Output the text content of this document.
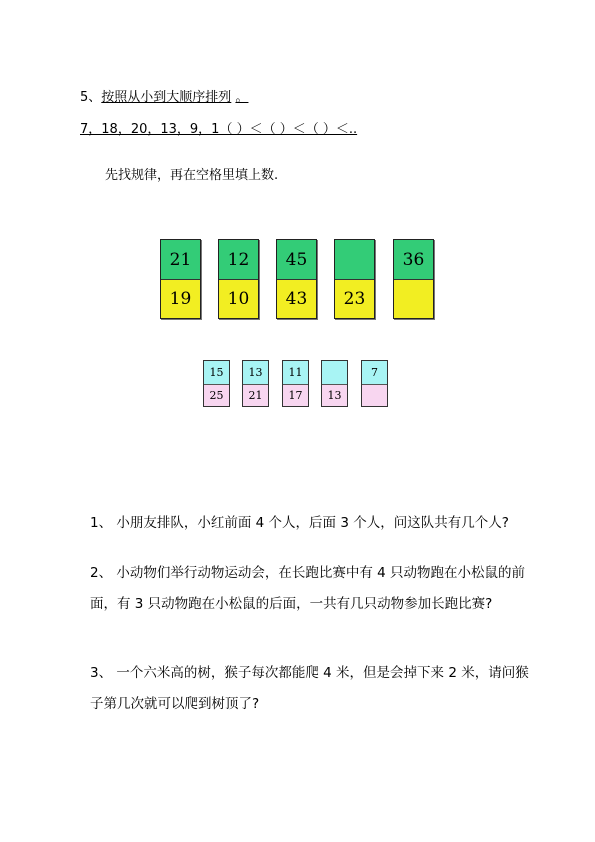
5、按照从小到大顺序排列 。
7，18，20，13，9，1（ ）＜（ ）＜（ ）＜..
先找规律，再在空格里填上数.
21
19
12
10
45
43	23
36
15
25
13
21
11
17	13
7
1、 小朋友排队，小红前面 4 个人，后面 3 个人，问这队共有几个人?
2、 小动物们举行动物运动会，在长跑比赛中有 4 只动物跑在小松鼠的前面，有 3 只动物跑在小松鼠的后面，一共有几只动物参加长跑比赛?
3、 一个六米高的树，猴子每次都能爬 4 米，但是会掉下来 2 米，请问猴子第几次就可以爬到树顶了?
